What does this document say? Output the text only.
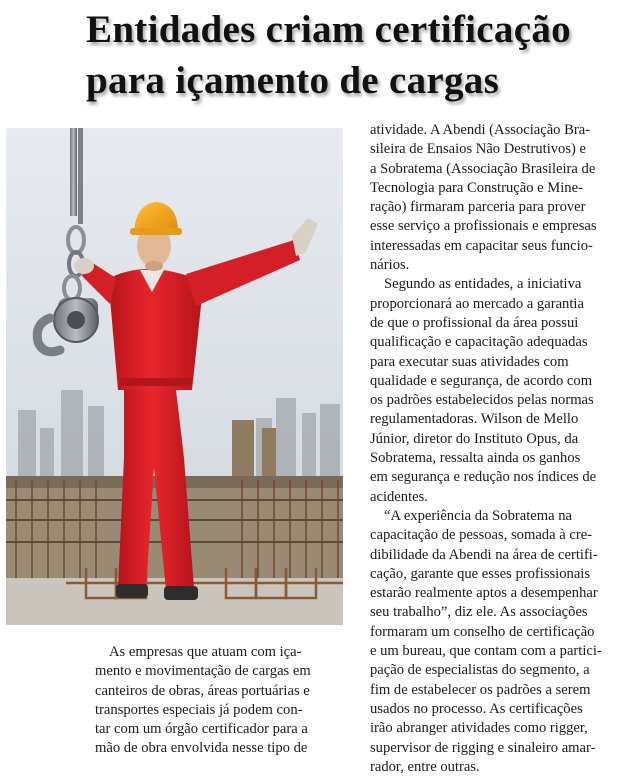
Entidades criam certificação
para içamento de cargas

As empresas que atuam com iça-
mento e movimentação de cargas em
canteiros de obras, áreas portuárias e
transportes especiais já podem con-
tar com um órgão certificador para a
mão de obra envolvida nesse tipo de

atividade. A Abendi (Associação Bra-
sileira de Ensaios Não Destrutivos) e
a Sobratema (Associação Brasileira de
Tecnologia para Construção e Mine-
ração) firmaram parceria para prover
esse serviço a profissionais e empresas
interessadas em capacitar seus funcio-
nários.

Segundo as entidades, a iniciativa
proporcionará ao mercado a garantia
de que o profissional da área possui
qualificação e capacitação adequadas
para executar suas atividades com
qualidade e segurança, de acordo com
os padrões estabelecidos pelas normas
regulamentadoras. Wilson de Mello
Júnior, diretor do Instituto Opus, da
Sobratema, ressalta ainda os ganhos
em segurança e redução nos índices de
acidentes.

“A experiência da Sobratema na
capacitação de pessoas, somada à cre-
dibilidade da Abendi na área de certifi-
cação, garante que esses profissionais
estarão realmente aptos a desempenhar
seu trabalho”, diz ele. As associações
formaram um conselho de certificação
e um bureau, que contam com a partici-
pação de especialistas do segmento, a
fim de estabelecer os padrões a serem
usados no processo. As certificações
irão abranger atividades como rigger,
supervisor de rigging e sinaleiro amar-
rador, entre outras.
